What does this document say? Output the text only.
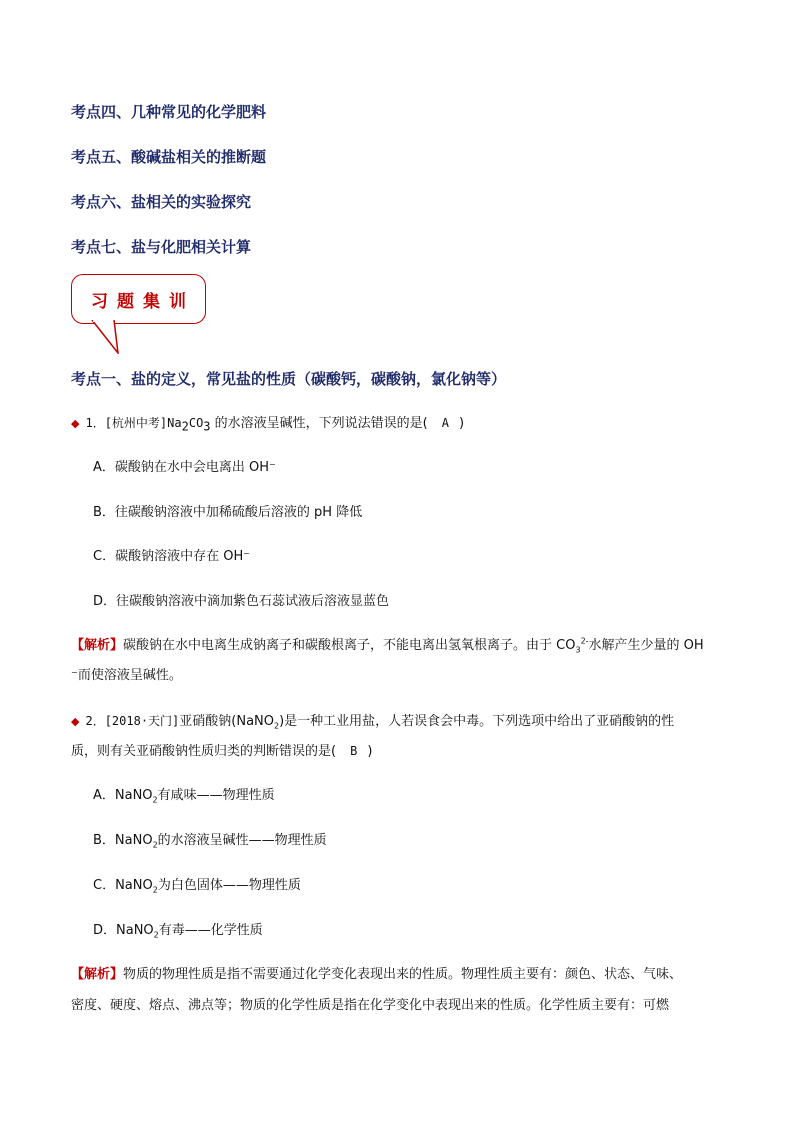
考点四、几种常见的化学肥料
考点五、酸碱盐相关的推断题
考点六、盐相关的实验探究
考点七、盐与化肥相关计算
习题集训
考点一、盐的定义，常见盐的性质（碳酸钙，碳酸钠，氯化钠等）
◆ 1．[杭州中考]$Na_2CO_3$ 的水溶液呈碱性，下列说法错误的是( A )
A．碳酸钠在水中会电离出 OH⁻
B．往碳酸钠溶液中加稀硫酸后溶液的 pH 降低
C．碳酸钠溶液中存在 OH⁻
D．往碳酸钠溶液中滴加紫色石蕊试液后溶液显蓝色
【解析】碳酸钠在水中电离生成钠离子和碳酸根离子，不能电离出氢氧根离子。由于 $CO_3^{2-}$水解产生少量的 OH
⁻而使溶液呈碱性。
◆ 2．[2018·天门]亚硝酸钠(NaNO$_2$)是一种工业用盐，人若误食会中毒。下列选项中给出了亚硝酸钠的性
质，则有关亚硝酸钠性质归类的判断错误的是( B )
A．NaNO$_2$有咸味——物理性质
B．NaNO$_2$的水溶液呈碱性——物理性质
C．NaNO$_2$为白色固体——物理性质
D．NaNO$_2$有毒——化学性质
【解析】物质的物理性质是指不需要通过化学变化表现出来的性质。物理性质主要有：颜色、状态、气味、
密度、硬度、熔点、沸点等；物质的化学性质是指在化学变化中表现出来的性质。化学性质主要有：可燃
